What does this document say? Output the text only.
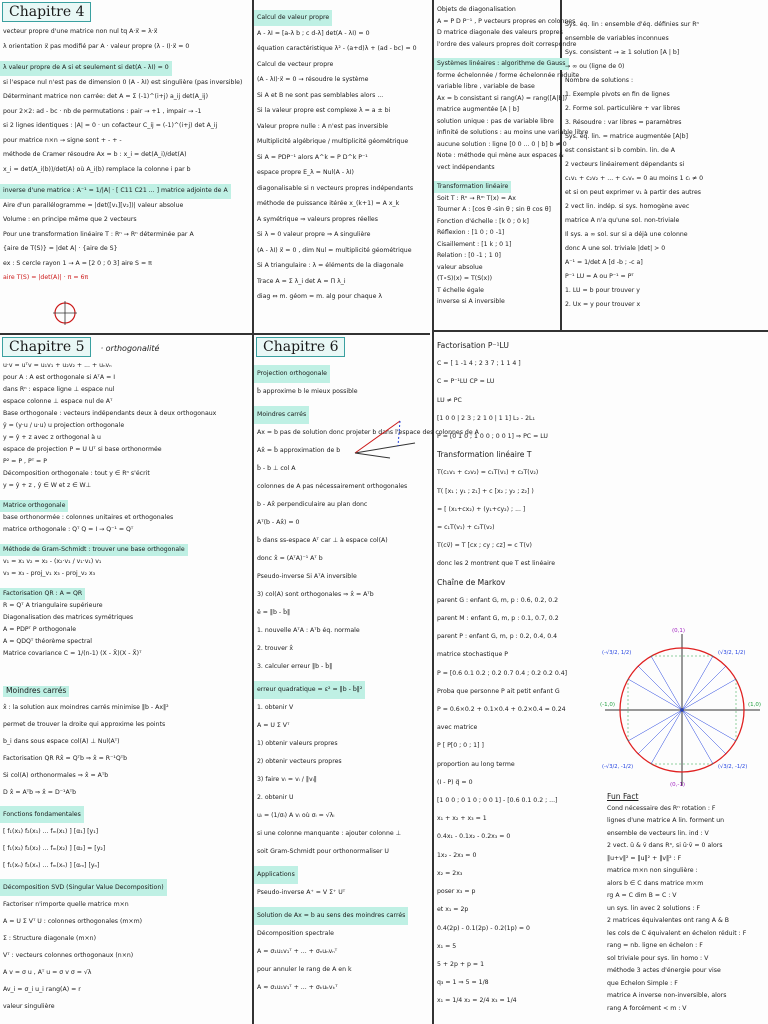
Chapitre 4
vecteur propre d'une matrice non nul tq A·x⃗ = λ·x⃗
λ orientation x⃗ pas modifié par A · valeur propre (λ - I)·x⃗ = 0
λ valeur propre de A si et seulement si det(A - λI) = 0

si l'espace nul n'est pas de dimension 0 (A - λI) est singulière (pas inversible)
Déterminant matrice non carrée: det A = Σ (-1)^(i+j) a_ij det(A_ij)
pour 2×2: ad - bc · nb de permutations : pair → +1 , impair → -1
si 2 lignes identiques : |A| = 0 · un cofacteur C_ij = (-1)^(i+j) det A_ij
pour matrice n×n → signe sont + - + -
méthode de Cramer résoudre Ax = b : x_i = det(A_i)/det(A)
x_i = det(A_i(b))/det(A) où A_i(b) remplace la colonne i par b
inverse d'une matrice : A⁻¹ = 1/|A| · [ C11 C21 ... ] matrice adjointe de A

Aire d'un parallélogramme = |det([v₁][v₂])| valeur absolue
Volume : en principe même que 2 vecteurs
Pour une transformation linéaire T : Rⁿ → Rⁿ déterminée par A
{aire de T(S)} = |det A| · {aire de S}
ex : S cercle rayon 1 → A = [2 0 ; 0 3] aire S = π
aire T(S) = |det(A)| · π = 6π
Calcul de valeur propre

A - λI = [a-λ b ; c d-λ] det(A - λI) = 0
équation caractéristique λ² - (a+d)λ + (ad - bc) = 0
Calcul de vecteur propre
(A - λI)·x⃗ = 0 → résoudre le système
Si A et B ne sont pas semblables alors ...
Si la valeur propre est complexe λ = a ± bi
Valeur propre nulle : A n'est pas inversible
Multiplicité algébrique / multiplicité géométrique
Si A = PDP⁻¹ alors A^k = P D^k P⁻¹
espace propre E_λ = Nul(A - λI)
diagonalisable si n vecteurs propres indépendants
méthode de puissance itérée x_(k+1) = A x_k
A symétrique ⇒ valeurs propres réelles
Si λ = 0 valeur propre ⇒ A singulière
(A - λI) x⃗ = 0 , dim Nul = multiplicité géométrique
Si A triangulaire : λ = éléments de la diagonale
Trace A = Σ λ_i det A = Π λ_i
diag ⇔ m. géom = m. alg pour chaque λ
Objets de diagonalisation
A = P D P⁻¹ , P vecteurs propres en colonnes
D matrice diagonale des valeurs propres
l'ordre des valeurs propres doit correspondre
Systèmes linéaires : algorithme de Gauss

forme échelonnée / forme échelonnée réduite
variable libre , variable de base
Ax = b consistant si rang(A) = rang([A|b])
matrice augmentée [A | b]
solution unique : pas de variable libre
infinité de solutions : au moins une variable libre
aucune solution : ligne [0 0 ... 0 | b] b ≠ 0
Note : méthode qui mène aux espaces &
vect indépendants
Transformation linéaire

Soit T : Rⁿ → Rᵐ T(x) = Ax
Tourner A : [cos θ -sin θ ; sin θ cos θ]
Fonction d'échelle : [k 0 ; 0 k]
Réflexion : [1 0 ; 0 -1]
Cisaillement : [1 k ; 0 1]
Relation : [0 -1 ; 1 0]
valeur absolue
(T∘S)(x) = T(S(x))
T échelle égale
inverse si A inversible
Sys. éq. lin : ensemble d'éq. définies sur Rⁿ
ensemble de variables inconnues
Sys. consistent → ≥ 1 solution [A | b]
→ ∞ ou (ligne de 0)
Nombre de solutions :
1. Exemple pivots en fin de lignes
2. Forme sol. particulière + var libres
3. Résoudre : var libres = paramètres
Sys. éq. lin. = matrice augmentée [A|b]
est consistant si b combin. lin. de A
2 vecteurs linéairement dépendants si
c₁v₁ + c₂v₂ + ... + cₙvₙ = 0 au moins 1 cᵢ ≠ 0
et si on peut exprimer v₁ à partir des autres
2 vect lin. indép. si sys. homogène avec
matrice A n'a qu'une sol. non-triviale
Il sys. a ∞ sol. sur si a déjà une colonne
donc A une sol. triviale |det| > 0
A⁻¹ = 1/det A [d -b ; -c a]
P⁻¹ LU = A ou P⁻¹ = Pᵀ
1. LU = b pour trouver y
2. Ux = y pour trouver x
Chapitre 5 · orthogonalité
u·v = uᵀv = u₁v₁ + u₂v₂ + ... + uₙvₙ
pour A : A est orthogonale si AᵀA = I
dans Rⁿ : espace ligne ⊥ espace nul
espace colonne ⊥ espace nul de Aᵀ
Base orthogonale : vecteurs indépendants deux à deux orthogonaux
ŷ = (y·u / u·u) u projection orthogonale
y = ŷ + z avec z orthogonal à u
espace de projection P = U Uᵀ si base orthonormée
P² = P , Pᵀ = P
Décomposition orthogonale : tout y ∈ Rⁿ s'écrit
y = ŷ + z , ŷ ∈ W et z ∈ W⊥
Matrice orthogonale

base orthonormée : colonnes unitaires et orthogonales
matrice orthogonale : Qᵀ Q = I → Q⁻¹ = Qᵀ
Méthode de Gram-Schmidt : trouver une base orthogonale

v₁ = x₁ v₂ = x₂ - (x₂·v₁ / v₁·v₁) v₁
v₃ = x₃ - proj_v₁ x₃ - proj_v₂ x₃
Factorisation QR : A = QR

R = Qᵀ A triangulaire supérieure
Diagonalisation des matrices symétriques
A = PDPᵀ P orthogonale
A = QDQᵀ théorème spectral
Matrice covariance C = 1/(n-1) (X - X̄)(X - X̄)ᵀ
Moindres carrés
x̂ : la solution aux moindres carrés minimise ‖b - Ax‖²
permet de trouver la droite qui approxime les points
b_i dans sous espace col(A) ⊥ Nul(Aᵀ)
Factorisation QR Rx̂ = Qᵀb ⇒ x̂ = R⁻¹Qᵀb
Si col(A) orthonormales ⇒ x̂ = Aᵀb
D x̂ = Aᵀb ⇒ x̂ = D⁻¹Aᵀb
Fonctions fondamentales

[ f₁(x₁) f₂(x₁) ... fₘ(x₁) ] [α₁] [y₁]
[ f₁(x₂) f₂(x₂) ... fₘ(x₂) ] [α₂] = [y₂]
[ f₁(xₙ) f₂(xₙ) ... fₘ(xₙ) ] [αₘ] [yₙ]
Décomposition SVD (Singular Value Decomposition)

Factoriser n'importe quelle matrice m×n
A = U Σ Vᵀ U : colonnes orthogonales (m×m)
Σ : Structure diagonale (m×n)
Vᵀ : vecteurs colonnes orthogonaux (n×n)
A v = σ u , Aᵀ u = σ v σ = √λ
Av_i = σ_i u_i rang(A) = r
valeur singulière
Chapitre 6
Projection orthogonale

b̂ approxime b le mieux possible
Moindres carrés

Ax = b pas de solution donc projeter b dans l'espace des colonnes de A
Ax̂ = b̂ approximation de b
b̂ - b ⊥ col A
colonnes de A pas nécessairement orthogonales
b - Ax̂ perpendiculaire au plan donc
Aᵀ(b - Ax̂) = 0
b̂ dans ss-espace Aᵀ car ⊥ à espace col(A)
donc x̂ = (AᵀA)⁻¹ Aᵀ b
Pseudo-inverse Si AᵀA inversible
3) col(A) sont orthogonales ⇒ x̂ = Aᵀb
ê = ‖b - b̂‖
1. nouvelle AᵀA : Aᵀb éq. normale
2. trouver x̂
3. calculer erreur ‖b - b̂‖
erreur quadratique = ε² = ‖b - b̂‖²

1. obtenir V
A = U Σ Vᵀ
1) obtenir valeurs propres
2) obtenir vecteurs propres
3) faire vᵢ = vᵢ / ‖vᵢ‖
2. obtenir U
uᵢ = (1/σᵢ) A vᵢ où σᵢ = √λᵢ
si une colonne manquante : ajouter colonne ⊥
soit Gram-Schmidt pour orthonormaliser U
Applications

Pseudo-inverse A⁺ = V Σ⁺ Uᵀ
Solution de Ax = b au sens des moindres carrés

Décomposition spectrale
A = σ₁u₁v₁ᵀ + ... + σₙuₙvₙᵀ
pour annuler le rang de A en k
A ≈ σ₁u₁v₁ᵀ + ... + σₖuₖvₖᵀ
Factorisation P⁻¹LU
C = [ 1 -1 4 ; 2 3 7 ; 1 1 4 ]
C = P⁻¹LU CP = LU
LU ≠ PC
[1 0 0 | 2 3 ; 2 1 0 | 1 1] L₂ - 2L₁
P = [0 1 0 ; 1 0 0 ; 0 0 1] ⇒ PC = LU
Transformation linéaire T
T(c₁v₁ + c₂v₂) = c₁T(v₁) + c₂T(v₂)
T( [x₁ ; y₁ ; z₁] + c [x₂ ; y₂ ; z₂] )
= [ (x₁+cx₂) + (y₁+cy₂) ; ... ]
= c₁T(v₁) + c₂T(v₂)
T(cv⃗) = T [cx ; cy ; cz] = c T(v)
donc les 2 montrent que T est linéaire
Chaîne de Markov
parent G : enfant G, m, p : 0.6, 0.2, 0.2
parent M : enfant G, m, p : 0.1, 0.7, 0.2
parent P : enfant G, m, p : 0.2, 0.4, 0.4
matrice stochastique P
P = [0.6 0.1 0.2 ; 0.2 0.7 0.4 ; 0.2 0.2 0.4]
Proba que personne P ait petit enfant G
P = 0.6×0.2 + 0.1×0.4 + 0.2×0.4 = 0.24
avec matrice
P [ P[0 ; 0 ; 1] ]
proportion au long terme
(I - P) q⃗ = 0
[1 0 0 ; 0 1 0 ; 0 0 1] - [0.6 0.1 0.2 ; ...]
x₁ + x₂ + x₃ = 1
0.4x₁ - 0.1x₂ - 0.2x₃ = 0
1x₂ - 2x₃ = 0
x₂ = 2x₃
poser x₃ = p
et x₁ = 2p
0.4(2p) - 0.1(2p) - 0.2(1p) = 0
x₁ = 5
5 + 2p + p = 1
q₃ = 1 ⇒ 5 = 1/8
x₁ = 1/4 x₂ = 2/4 x₃ = 1/4
(0,1)
(0,-1)
(-1,0)	(1,0)
(-√3/2, 1/2)	(√3/2, 1/2)
(-√3/2, -1/2)	(√3/2, -1/2)
Fun Fact
Cond nécessaire des Rⁿ rotation : F
lignes d'une matrice A lin. forment un
ensemble de vecteurs lin. ind : V
2 vect. ū & v̄ dans Rⁿ, si ū·v̄ = 0 alors
‖u+v‖² = ‖u‖² + ‖v‖² : F
matrice m×n non singulière :
alors b ∈ C dans matrice m×m
rg A = C dim B = C : V
un sys. lin avec 2 solutions : F
2 matrices équivalentes ont rang A & B
les cols de C équivalent en échelon réduit : F
rang = nb. ligne en échelon : F
sol triviale pour sys. lin homo : V
méthode 3 actes d'énergie pour vise
que Echelon Simple : F
matrice A inverse non-inversible, alors
rang A forcément < m : V
